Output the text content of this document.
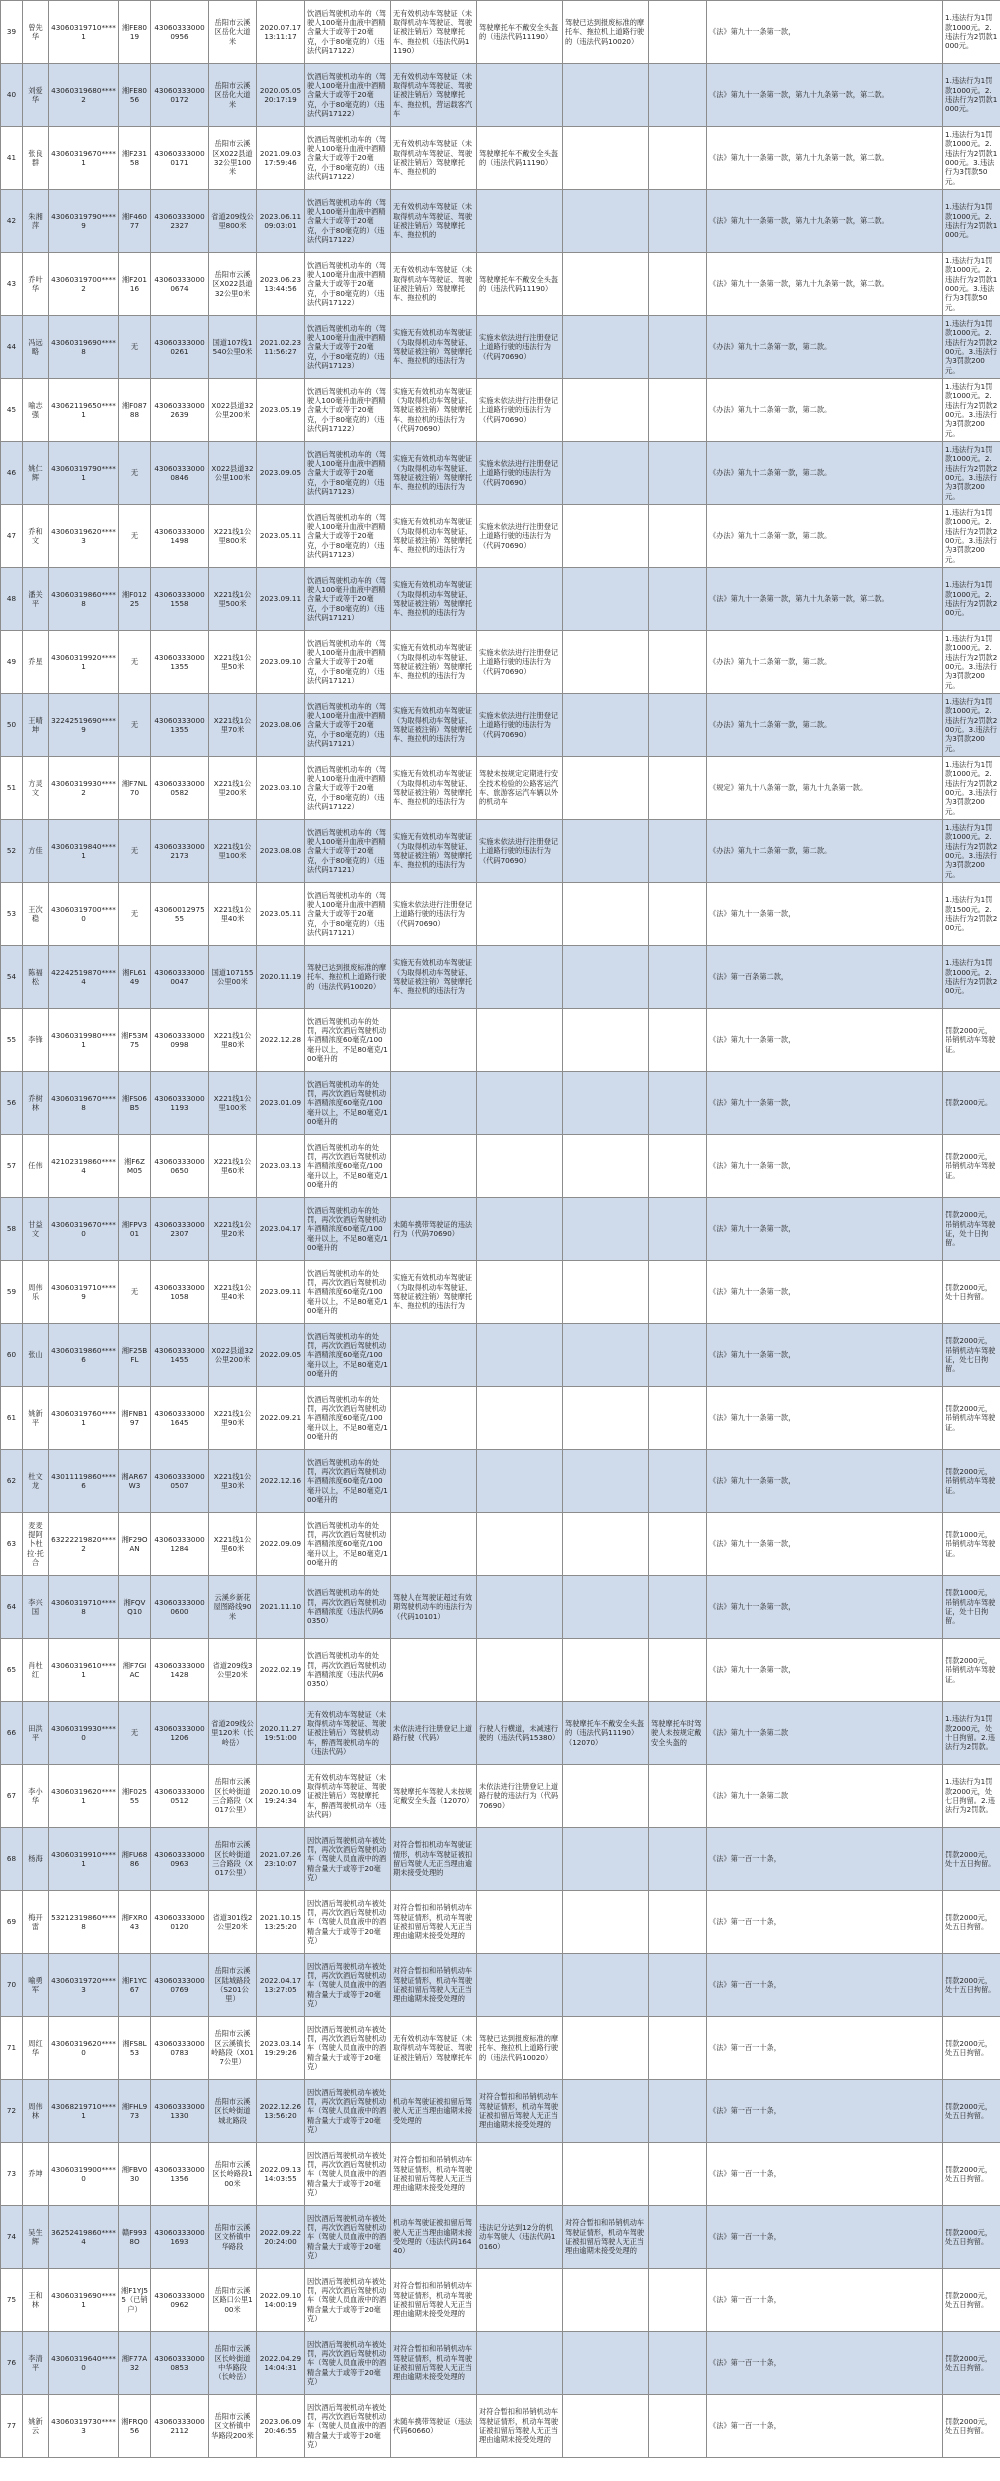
39	曾先华	43060319710****1	湘FE8019	430603330000956	岳阳市云溪区岳化大道米	2020.07.17 13:11:17	饮酒后驾驶机动车的（驾驶人100毫升血液中酒精含量大于或等于20毫克，小于80毫克的）（违法代码17122）	无有效机动车驾驶证（未取得机动车驾驶证、驾驶证被注销后）驾驶摩托车、拖拉机（违法代码11190）	驾驶摩托车不戴安全头盔的（违法代码11190）	驾驶已达到报废标准的摩托车、拖拉机上道路行驶的（违法代码10020）		《法》第九十一条第一款，	1.违法行为1罚款1000元。2.违法行为2罚款1000元。
40	刘爱华	43060319680****2	湘FE8056	430603330000172	岳阳市云溪区岳化大道米	2020.05.05 20:17:19	饮酒后驾驶机动车的（驾驶人100毫升血液中酒精含量大于或等于20毫克，小于80毫克的）（违法代码17122）	无有效机动车驾驶证（未取得机动车驾驶证、驾驶证被注销后）驾驶摩托车、拖拉机，营运载客汽车				《法》第九十一条第一款，第九十九条第一款，第二款。	1.违法行为1罚款1000元。2.违法行为2罚款1000元。
41	张良群	43060319670****1	湘F23158	430603330000171	岳阳市云溪区X022县道32公里100米	2021.09.03 17:59:46	饮酒后驾驶机动车的（驾驶人100毫升血液中酒精含量大于或等于20毫克，小于80毫克的）（违法代码17122）	无有效机动车驾驶证（未取得机动车驾驶证、驾驶证被注销后）驾驶摩托车、拖拉机的	驾驶摩托车不戴安全头盔的（违法代码11190）			《法》第九十一条第一款，第九十九条第一款，第二款。	1.违法行为1罚款1000元。2.违法行为2罚款1000元。3.违法行为3罚款50元。
42	朱湘萍	43060319790****9	湘F46077	430603330002327	省道209线公里800米	2023.06.11 09:03:01	饮酒后驾驶机动车的（驾驶人100毫升血液中酒精含量大于或等于20毫克，小于80毫克的）（违法代码17122）	无有效机动车驾驶证（未取得机动车驾驶证、驾驶证被注销后）驾驶摩托车、拖拉机的				《法》第九十一条第一款，第九十九条第一款，第二款。	1.违法行为1罚款1000元。2.违法行为2罚款1000元。
43	乔叶华	43060319700****2	湘F20116	430603330000674	岳阳市云溪区X022县道32公里0米	2023.06.23 13:44:56	饮酒后驾驶机动车的（驾驶人100毫升血液中酒精含量大于或等于20毫克，小于80毫克的）（违法代码17122）	无有效机动车驾驶证（未取得机动车驾驶证、驾驶证被注销后）驾驶摩托车、拖拉机的	驾驶摩托车不戴安全头盔的（违法代码11190）			《法》第九十一条第一款，第九十九条第一款，第二款。	1.违法行为1罚款1000元。2.违法行为2罚款1000元。3.违法行为3罚款50元。
44	冯远略	43060319690****8	无	430603330000261	国道107线1540公里0米	2021.02.23 11:56:27	饮酒后驾驶机动车的（驾驶人100毫升血液中酒精含量大于或等于20毫克，小于80毫克的）（违法代码17123）	实施无有效机动车驾驶证（为取得机动车驾驶证、驾驶证被注销）驾驶摩托车、拖拉机的违法行为	实施未依法进行注册登记上道路行驶的违法行为（代码70690）			《办法》第九十二条第一款，第二款。	1.违法行为1罚款1000元。2.违法行为2罚款200元。3.违法行为3罚款200元。
45	喻志强	43062119650****1	湘F08788	430603330002639	X022县道32公里200米	2023.05.19	饮酒后驾驶机动车的（驾驶人100毫升血液中酒精含量大于或等于20毫克，小于80毫克的）（违法代码17122）	实施无有效机动车驾驶证（为取得机动车驾驶证、驾驶证被注销）驾驶摩托车、拖拉机的违法行为（代码70690）	实施未依法进行注册登记上道路行驶的违法行为（代码70690）			《办法》第九十二条第一款，第二款。	1.违法行为1罚款1000元。2.违法行为2罚款200元。3.违法行为3罚款200元。
46	姚仁辉	43060319790****1	无	430603330000846	X022县道32公里100米	2023.09.05	饮酒后驾驶机动车的（驾驶人100毫升血液中酒精含量大于或等于20毫克，小于80毫克的）（违法代码17123）	实施无有效机动车驾驶证（为取得机动车驾驶证、驾驶证被注销）驾驶摩托车、拖拉机的违法行为	实施未依法进行注册登记上道路行驶的违法行为（代码70690）			《办法》第九十二条第一款，第二款。	1.违法行为1罚款1000元。2.违法行为2罚款200元。3.违法行为3罚款200元。
47	乔和文	43060319620****3	无	430603330001498	X221线1公里800米	2023.05.11	饮酒后驾驶机动车的（驾驶人100毫升血液中酒精含量大于或等于20毫克，小于80毫克的）（违法代码17123）	实施无有效机动车驾驶证（为取得机动车驾驶证、驾驶证被注销）驾驶摩托车、拖拉机的违法行为	实施未依法进行注册登记上道路行驶的违法行为（代码70690）			《办法》第九十二条第一款，第二款。	1.违法行为1罚款1000元。2.违法行为2罚款200元。3.违法行为3罚款200元。
48	潘关平	43060319860****8	湘F01225	430603330001558	X221线1公里500米	2023.09.11	饮酒后驾驶机动车的（驾驶人100毫升血液中酒精含量大于或等于20毫克，小于80毫克的）（违法代码17121）	实施无有效机动车驾驶证（为取得机动车驾驶证、驾驶证被注销）驾驶摩托车、拖拉机的违法行为				《法》第九十一条第一款，第九十九条第一款，第二款。	1.违法行为1罚款1000元。2.违法行为2罚款200元。
49	乔星	43060319920****1	无	430603330001355	X221线1公里50米	2023.09.10	饮酒后驾驶机动车的（驾驶人100毫升血液中酒精含量大于或等于20毫克，小于80毫克的）（违法代码17121）	实施无有效机动车驾驶证（为取得机动车驾驶证、驾驶证被注销）驾驶摩托车、拖拉机的违法行为	实施未依法进行注册登记上道路行驶的违法行为（代码70690）			《办法》第九十二条第一款，第二款。	1.违法行为1罚款1000元。2.违法行为2罚款200元。3.违法行为3罚款200元。
50	王晴坤	32242519690****9	无	430603330001355	X221线1公里70米	2023.08.06	饮酒后驾驶机动车的（驾驶人100毫升血液中酒精含量大于或等于20毫克，小于80毫克的）（违法代码17121）	实施无有效机动车驾驶证（为取得机动车驾驶证、驾驶证被注销）驾驶摩托车、拖拉机的违法行为	实施未依法进行注册登记上道路行驶的违法行为（代码70690）			《办法》第九十二条第一款，第二款。	1.违法行为1罚款1000元。2.违法行为2罚款200元。3.违法行为3罚款200元。
51	方灵文	43060319930****2	湘F7NL70	430603330000582	X221线1公里200米	2023.03.10	饮酒后驾驶机动车的（驾驶人100毫升血液中酒精含量大于或等于20毫克，小于80毫克的）（违法代码17122）	实施无有效机动车驾驶证（为取得机动车驾驶证、驾驶证被注销）驾驶摩托车、拖拉机的违法行为	驾驶未按规定定期进行安全技术检验的公路客运汽车、旅游客运汽车辆以外的机动车			《规定》第九十八条第一款，第九十九条第一款。	1.违法行为1罚款1000元。2.违法行为2罚款200元。3.违法行为3罚款200元。
52	方佳	43060319840****1	无	430603330002173	X221线1公里100米	2023.08.08	饮酒后驾驶机动车的（驾驶人100毫升血液中酒精含量大于或等于20毫克，小于80毫克的）（违法代码17121）	实施无有效机动车驾驶证（为取得机动车驾驶证、驾驶证被注销）驾驶摩托车、拖拉机的违法行为	实施未依法进行注册登记上道路行驶的违法行为（代码70690）			《办法》第九十二条第一款，第二款。	1.违法行为1罚款1000元。2.违法行为2罚款200元。3.违法行为3罚款200元。
53	王次稳	43060319700****0	无	4306001297555	X221线1公里40米	2023.05.11	饮酒后驾驶机动车的（驾驶人100毫升血液中酒精含量大于或等于20毫克，小于80毫克的）（违法代码17121）	实施未依法进行注册登记上道路行驶的违法行为（代码70690）				《法》第九十一条第一款，	1.违法行为1罚款1500元。2.违法行为2罚款200元。
54	陈福松	42242519870****4	湘FL6149	430603330000047	国道107155公里00米	2020.11.19	驾驶已达到报废标准的摩托车、拖拉机上道路行驶的（违法代码10020）	实施无有效机动车驾驶证（为取得机动车驾驶证、驾驶证被注销）驾驶摩托车、拖拉机的违法行为				《法》第一百条第二款，	1.违法行为1罚款1000元。2.违法行为2罚款200元。
55	李锋	43060319980****1	湘F53M75	430603330000998	X221线1公里80米	2022.12.28	饮酒后驾驶机动车的处罚，再次饮酒后驾驶机动车酒精浓度60毫克/100毫升以上，不足80毫克/100毫升的					《法》第九十一条第一款，	罚款2000元，吊销机动车驾驶证。
56	乔树林	43060319670****8	湘FS06B5	430603330001193	X221线1公里100米	2023.01.09	饮酒后驾驶机动车的处罚，再次饮酒后驾驶机动车酒精浓度60毫克/100毫升以上，不足80毫克/100毫升的					《法》第九十一条第一款，	罚款2000元。
57	任伟	42102319860****4	湘F6ZM05	430603330000650	X221线1公里60米	2023.03.13	饮酒后驾驶机动车的处罚，再次饮酒后驾驶机动车酒精浓度60毫克/100毫升以上，不足80毫克/100毫升的					《法》第九十一条第一款，	罚款2000元，吊销机动车驾驶证。
58	甘益文	43060319670****0	湘FPV301	430603330002307	X221线1公里20米	2023.04.17	饮酒后驾驶机动车的处罚，再次饮酒后驾驶机动车酒精浓度60毫克/100毫升以上，不足80毫克/100毫升的	未随车携带驾驶证的违法行为（代码70690）				《法》第九十一条第一款，	罚款2000元，吊销机动车驾驶证，处十日拘留。
59	周伟乐	43060319710****9	无	430603330001058	X221线1公里40米	2023.09.11	饮酒后驾驶机动车的处罚，再次饮酒后驾驶机动车酒精浓度60毫克/100毫升以上，不足80毫克/100毫升的	实施无有效机动车驾驶证（为取得机动车驾驶证、驾驶证被注销）驾驶摩托车、拖拉机的违法行为				《法》第九十一条第一款，	罚款2000元，处十日拘留。
60	张山	43060319860****6	湘F25BFL	430603330001455	X022县道32公里200米	2022.09.05	饮酒后驾驶机动车的处罚，再次饮酒后驾驶机动车酒精浓度60毫克/100毫升以上，不足80毫克/100毫升的					《法》第九十一条第一款，	罚款2000元，吊销机动车驾驶证，处七日拘留。
61	姚新平	43060319760****1	湘FNB197	430603330001645	X221线1公里90米	2022.09.21	饮酒后驾驶机动车的处罚，再次饮酒后驾驶机动车酒精浓度60毫克/100毫升以上，不足80毫克/100毫升的					《法》第九十一条第一款，	罚款2000元，吊销机动车驾驶证。
62	杜文龙	43011119860****6	湘AR67W3	430603330000507	X221线1公里30米	2022.12.16	饮酒后驾驶机动车的处罚，再次饮酒后驾驶机动车酒精浓度60毫克/100毫升以上，不足80毫克/100毫升的					《法》第九十一条第一款，	罚款2000元，吊销机动车驾驶证。
63	麦麦提阿卜杜拉·托合	63222219820****2	湘F29OAN	430603330001284	X221线1公里60米	2022.09.09	饮酒后驾驶机动车的处罚，再次饮酒后驾驶机动车酒精浓度60毫克/100毫升以上，不足80毫克/100毫升的					《法》第九十一条第一款，	罚款1000元，吊销机动车驾驶证。
64	李兴国	43060319710****8	湘FQVQ10	430603330000600	云溪乡新花屋图路线90米	2021.11.10	饮酒后驾驶机动车的处罚，再次饮酒后驾驶机动车酒精浓度（违法代码60350）	驾驶人在驾驶证超过有效期驾驶机动车的违法行为（代码10101）				《法》第九十一条第一款，	罚款1000元，吊销机动车驾驶证，处十日拘留。
65	肖杜红	43060319610****1	湘F7GIAC	430603330001428	省道209线3公里20米	2022.02.19	饮酒后驾驶机动车的处罚，再次饮酒后驾驶机动车酒精浓度（违法代码60350）					《法》第九十一条第一款，	罚款2000元，吊销机动车驾驶证。
66	田洪平	43060319930****0	无	430603330001206	省道209线公里120米（长岭岳）	2020.11.27 19:51:00	无有效机动车驾驶证（未取得机动车驾驶证、驾驶证被注销后）驾驶机动车，醉酒驾驶机动车的（违法代码）	未依法进行注册登记上道路行驶（代码）	行驶人行横道，未减速行驶的（违法代码15380）	驾驶摩托车不戴安全头盔的（违法代码11190）（12070）	驾驶摩托车时驾驶人未按规定戴安全头盔的	《法》第九十一条第二款	1.违法行为1罚款2000元，处十日拘留。2.违法行为2罚款。
67	李小华	43060319620****1	湘F02555	430603330000512	岳阳市云溪区长岭街道三合路段（X017公里）	2020.10.09 19:24:34	无有效机动车驾驶证（未取得机动车驾驶证、驾驶证被注销后）驾驶摩托车，醉酒驾驶机动车（违法代码）	驾驶摩托车驾驶人未按规定戴安全头盔（12070）	未依法进行注册登记上道路行驶的违法行为（代码70690）			《法》第九十一条第二款	1.违法行为1罚款2000元，处七日拘留。2.违法行为2罚款。
68	杨海	43060319910****1	湘FU6886	430603330000963	岳阳市云溪区长岭街道三合路段（X017公里）	2021.07.26 23:10:07	因饮酒后驾驶机动车被处罚，再次饮酒后驾驶机动车（驾驶人员血液中的酒精含量大于或等于20毫克）	对符合暂扣机动车驾驶证情形，机动车驾驶证被扣留后驾驶人无正当理由逾期未接受处理的				《法》第一百一十条，	罚款2000元，处十五日拘留。
69	梅开雷	53212319860****8	湘FXR043	430603330000120	省道301线2公里20米	2021.10.15 13:25:20	因饮酒后驾驶机动车被处罚，再次饮酒后驾驶机动车（驾驶人员血液中的酒精含量大于或等于20毫克）	对符合暂扣和吊销机动车驾驶证情形，机动车驾驶证被扣留后驾驶人无正当理由逾期未接受处理的				《法》第一百一十条，	罚款2000元，处五日拘留。
70	喻勇军	43060319720****3	湘F1YC67	430603330000769	岳阳市云溪区陆城路段（S201公里）	2022.04.17 13:27:05	因饮酒后驾驶机动车被处罚，再次饮酒后驾驶机动车（驾驶人员血液中的酒精含量大于或等于20毫克）	对符合暂扣和吊销机动车驾驶证情形，机动车驾驶证被扣留后驾驶人无正当理由逾期未接受处理的				《法》第一百一十条，	罚款2000元，处十五日拘留。
71	周红华	43060319620****0	湘FS8L53	430603330000783	岳阳市云溪区云溪镇长岭路段（X017公里）	2023.03.14 19:29:26	因饮酒后驾驶机动车被处罚，再次饮酒后驾驶机动车（驾驶人员血液中的酒精含量大于或等于20毫克）	无有效机动车驾驶证（未取得机动车驾驶证、驾驶证被注销后）驾驶摩托车	驾驶已达到报废标准的摩托车、拖拉机上道路行驶的（违法代码10020）			《法》第一百一十条，	罚款2000元，处五日拘留。
72	周伟林	43068219710****1	湘FHL973	430603330001330	岳阳市云溪区长岭街道城北路段	2022.12.26 13:56:20	因饮酒后驾驶机动车被处罚，再次饮酒后驾驶机动车（驾驶人员血液中的酒精含量大于或等于20毫克）	机动车驾驶证被扣留后驾驶人无正当理由逾期未接受处理的	对符合暂扣和吊销机动车驾驶证情形，机动车驾驶证被扣留后驾驶人无正当理由逾期未接受处理的			《法》第一百一十条，	罚款2000元，处五日拘留。
73	乔坤	43060319900****0	湘FBV030	430603330001356	岳阳市云溪区长岭路段100米	2022.09.13 14:03:55	因饮酒后驾驶机动车被处罚，再次饮酒后驾驶机动车（驾驶人员血液中的酒精含量大于或等于20毫克）	对符合暂扣和吊销机动车驾驶证情形，机动车驾驶证被扣留后驾驶人无正当理由逾期未接受处理的				《法》第一百一十条，	罚款2000元，处五日拘留。
74	吴生辉	36252419860****4	赣F9938O	430603330001693	岳阳市云溪区文桥镇中华路段	2022.09.22 20:24:00	因饮酒后驾驶机动车被处罚，再次饮酒后驾驶机动车（驾驶人员血液中的酒精含量大于或等于20毫克）	机动车驾驶证被扣留后驾驶人无正当理由逾期未接受处理的（违法代码16440）	违法记分达到12分的机动车驾驶人（违法代码10160）	对符合暂扣和吊销机动车驾驶证情形，机动车驾驶证被扣留后驾驶人无正当理由逾期未接受处理的		《法》第一百一十条，	罚款2000元，处五日拘留。
75	王和林	43060319690****1	湘F1YJ55（已销户）	430603330000962	岳阳市云溪区路口公里100米	2022.09.10 14:00:19	因饮酒后驾驶机动车被处罚，再次饮酒后驾驶机动车（驾驶人员血液中的酒精含量大于或等于20毫克）	对符合暂扣和吊销机动车驾驶证情形，机动车驾驶证被扣留后驾驶人无正当理由逾期未接受处理的				《法》第一百一十条，	罚款2000元，处五日拘留。
76	李清平	43060319640****0	湘F77A32	430603330000853	岳阳市云溪区长岭街道中华路段（长岭岳）	2022.04.29 14:04:31	因饮酒后驾驶机动车被处罚，再次饮酒后驾驶机动车（驾驶人员血液中的酒精含量大于或等于20毫克）	对符合暂扣和吊销机动车驾驶证情形，机动车驾驶证被扣留后驾驶人无正当理由逾期未接受处理的				《法》第一百一十条，	罚款2000元，处五日拘留。
77	姚新云	43060319730****3	湘FRQ056	430603330002112	岳阳市云溪区文桥镇中华路段200米	2023.06.09 20:46:55	因饮酒后驾驶机动车被处罚，再次饮酒后驾驶机动车（驾驶人员血液中的酒精含量大于或等于20毫克）	未随车携带驾驶证（违法代码60660）	对符合暂扣和吊销机动车驾驶证情形，机动车驾驶证被扣留后驾驶人无正当理由逾期未接受处理的			《法》第一百一十条，	罚款2000元，处五日拘留。
